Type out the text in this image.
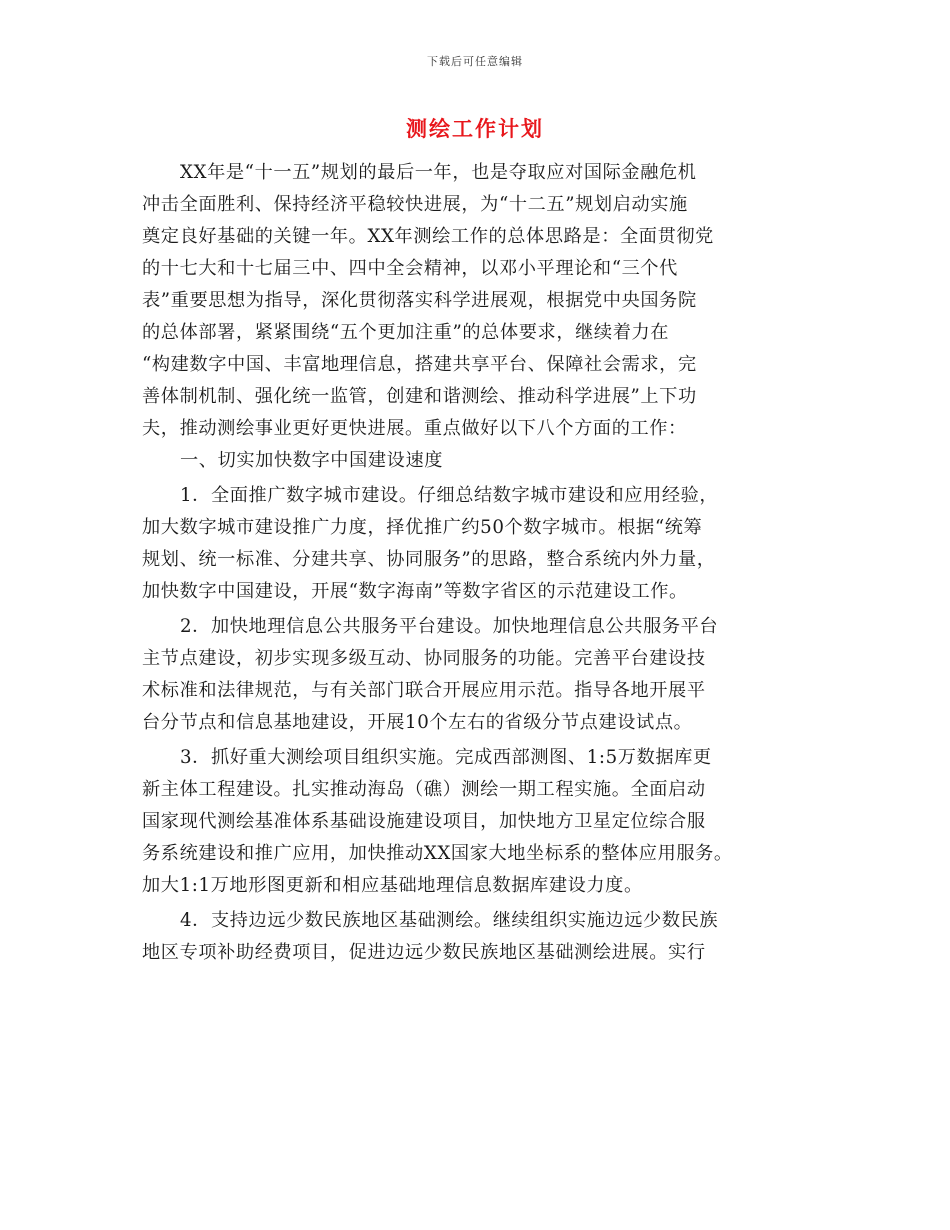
下载后可任意编辑
测绘工作计划
XX年是“十一五”规划的最后一年，也是夺取应对国际金融危机
冲击全面胜利、保持经济平稳较快进展，为“十二五”规划启动实施
奠定良好基础的关键一年。XX年测绘工作的总体思路是：全面贯彻党
的十七大和十七届三中、四中全会精神，以邓小平理论和“三个代
表”重要思想为指导，深化贯彻落实科学进展观，根据党中央国务院
的总体部署，紧紧围绕“五个更加注重”的总体要求，继续着力在
“构建数字中国、丰富地理信息，搭建共享平台、保障社会需求，完
善体制机制、强化统一监管，创建和谐测绘、推动科学进展”上下功
夫，推动测绘事业更好更快进展。重点做好以下八个方面的工作：
一、切实加快数字中国建设速度
1．全面推广数字城市建设。仔细总结数字城市建设和应用经验，
加大数字城市建设推广力度，择优推广约50个数字城市。根据“统筹
规划、统一标准、分建共享、协同服务”的思路，整合系统内外力量，
加快数字中国建设，开展“数字海南”等数字省区的示范建设工作。
2．加快地理信息公共服务平台建设。加快地理信息公共服务平台
主节点建设，初步实现多级互动、协同服务的功能。完善平台建设技
术标准和法律规范，与有关部门联合开展应用示范。指导各地开展平
台分节点和信息基地建设，开展10个左右的省级分节点建设试点。
3．抓好重大测绘项目组织实施。完成西部测图、1:5万数据库更
新主体工程建设。扎实推动海岛（礁）测绘一期工程实施。全面启动
国家现代测绘基准体系基础设施建设项目，加快地方卫星定位综合服
务系统建设和推广应用，加快推动XX国家大地坐标系的整体应用服务。
加大1:1万地形图更新和相应基础地理信息数据库建设力度。
4．支持边远少数民族地区基础测绘。继续组织实施边远少数民族
地区专项补助经费项目，促进边远少数民族地区基础测绘进展。实行
